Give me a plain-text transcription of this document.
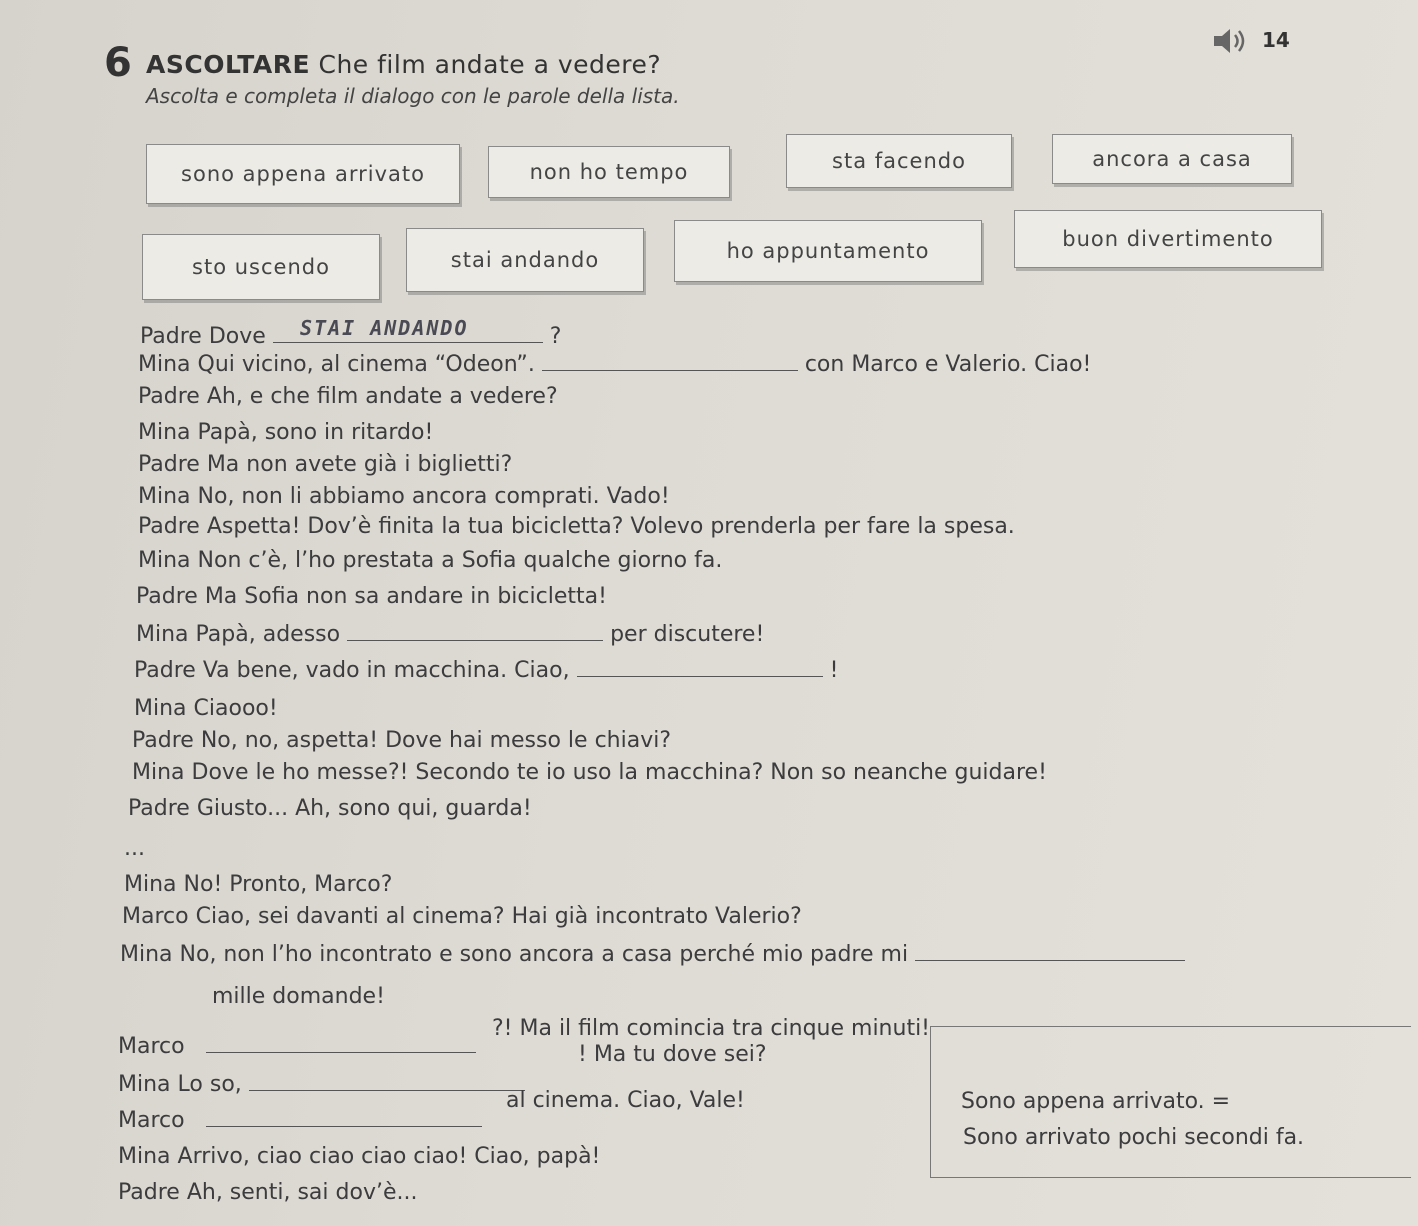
6 ASCOLTARE Che film andate a vedere?
Ascolta e completa il dialogo con le parole della lista.
14
sono appena arrivato	non ho tempo	sta facendo	ancora a casa
sto uscendo	stai andando	ho appuntamento	buon divertimento
Padre Dove	?
STAI ANDANDO
Mina Qui vicino, al cinema “Odeon”.	con Marco e Valerio. Ciao!
Padre Ah, e che film andate a vedere?
Mina Papà, sono in ritardo!
Padre Ma non avete già i biglietti?
Mina No, non li abbiamo ancora comprati. Vado!
Padre Aspetta! Dov’è finita la tua bicicletta? Volevo prenderla per fare la spesa.
Mina Non c’è, l’ho prestata a Sofia qualche giorno fa.
Padre Ma Sofia non sa andare in bicicletta!
Mina Papà, adesso	per discutere!
Padre Va bene, vado in macchina. Ciao,	!
Mina Ciaooo!
Padre No, no, aspetta! Dove hai messo le chiavi?
Mina Dove le ho messe?! Secondo te io uso la macchina? Non so neanche guidare!
Padre Giusto... Ah, sono qui, guarda!
...
Mina No! Pronto, Marco?
Marco Ciao, sei davanti al cinema? Hai già incontrato Valerio?
Mina No, non l’ho incontrato e sono ancora a casa perché mio padre mi
mille domande!
Marco
?! Ma il film comincia tra cinque minuti!
Mina Lo so,
! Ma tu dove sei?
Marco
al cinema. Ciao, Vale!
Mina Arrivo, ciao ciao ciao ciao! Ciao, papà!
Padre Ah, senti, sai dov’è...
Sono appena arrivato. =
Sono arrivato pochi secondi fa.
